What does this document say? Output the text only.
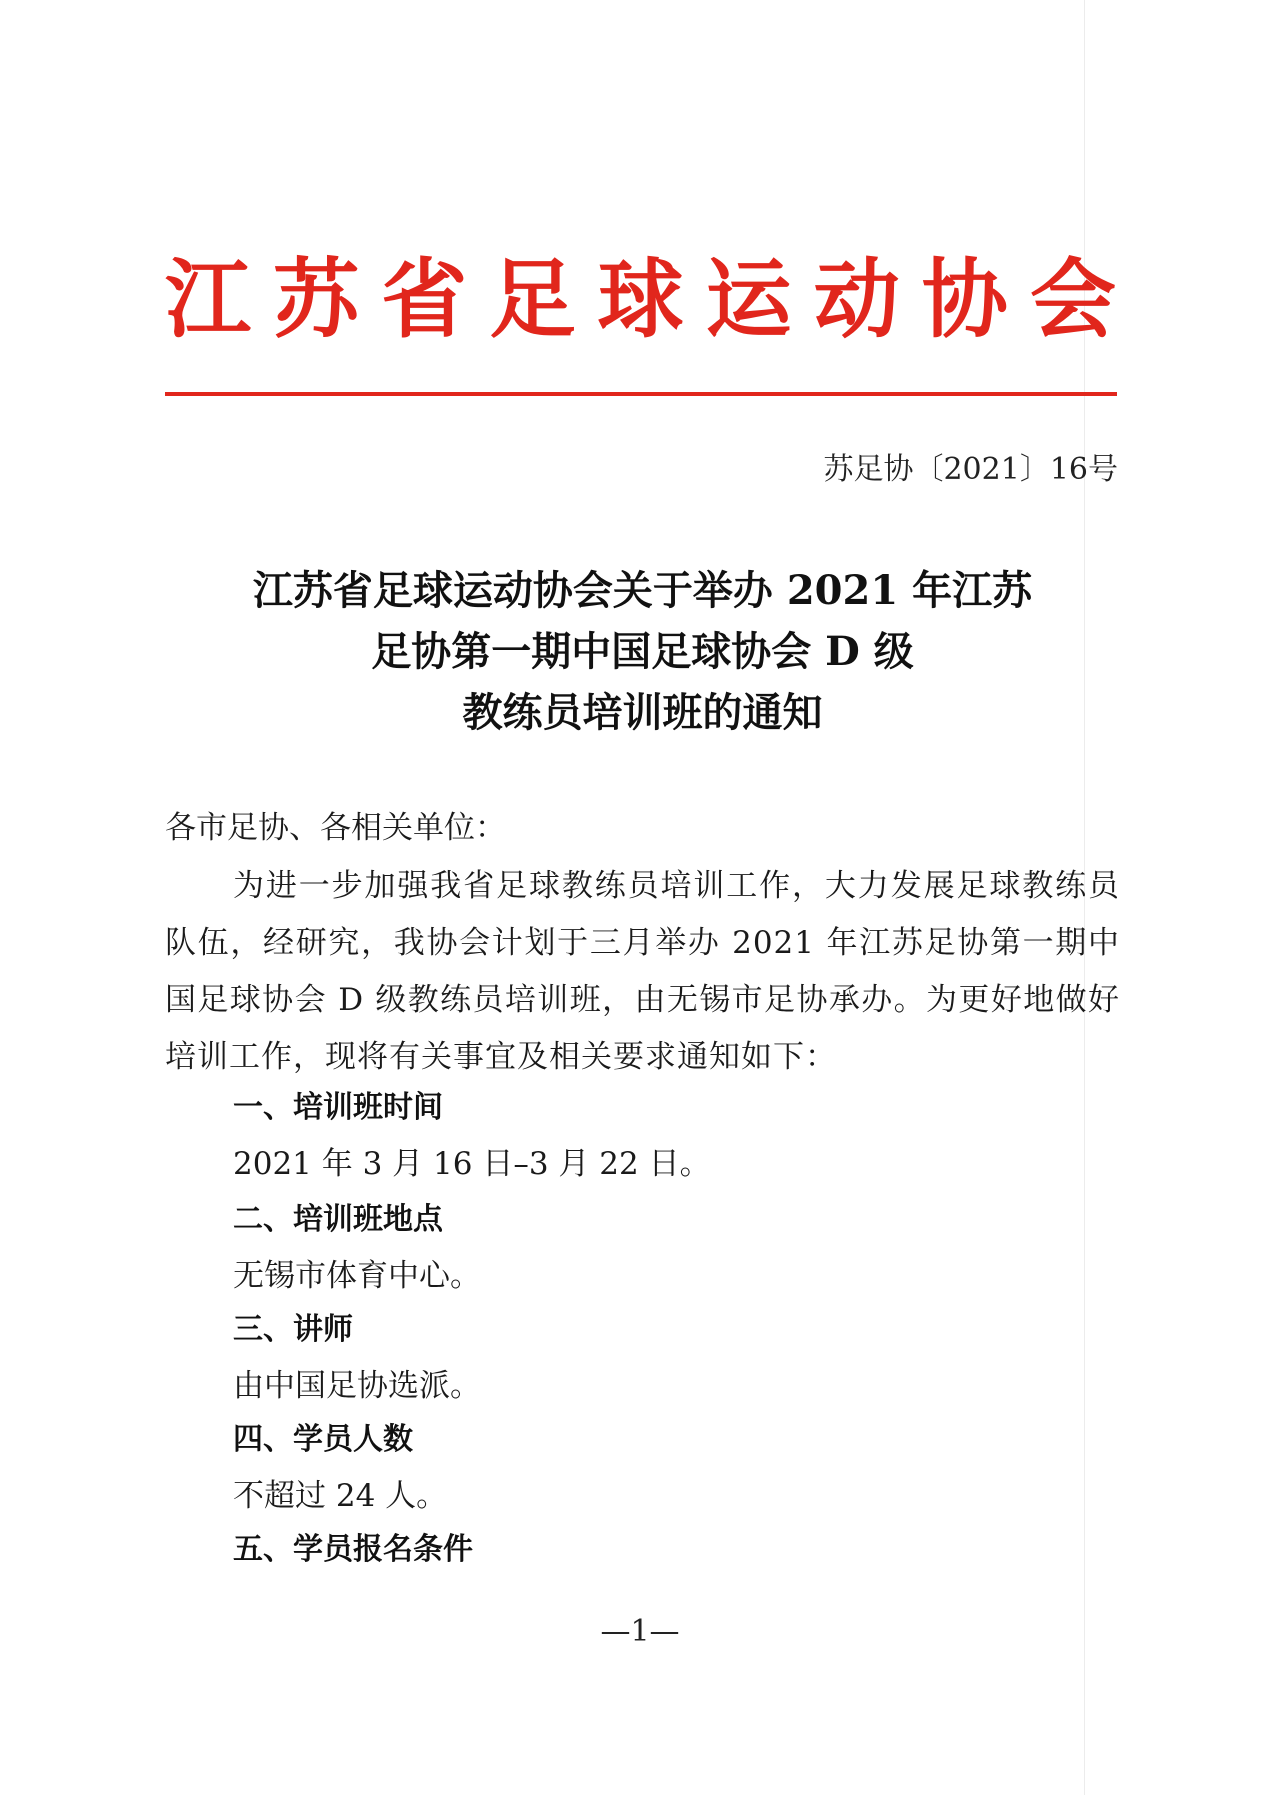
江苏省足球运动协会
苏足协〔2021〕16号
江苏省足球运动协会关于举办 2021 年江苏
足协第一期中国足球协会 D 级
教练员培训班的通知
各市足协、各相关单位：
为进一步加强我省足球教练员培训工作，大力发展足球教练员队伍，经研究，我协会计划于三月举办 2021 年江苏足协第一期中国足球协会 D 级教练员培训班，由无锡市足协承办。为更好地做好培训工作，现将有关事宜及相关要求通知如下：
一、培训班时间
2021 年 3 月 16 日–3 月 22 日。
二、培训班地点
无锡市体育中心。
三、讲师
由中国足协选派。
四、学员人数
不超过 24 人。
五、学员报名条件
—1—
